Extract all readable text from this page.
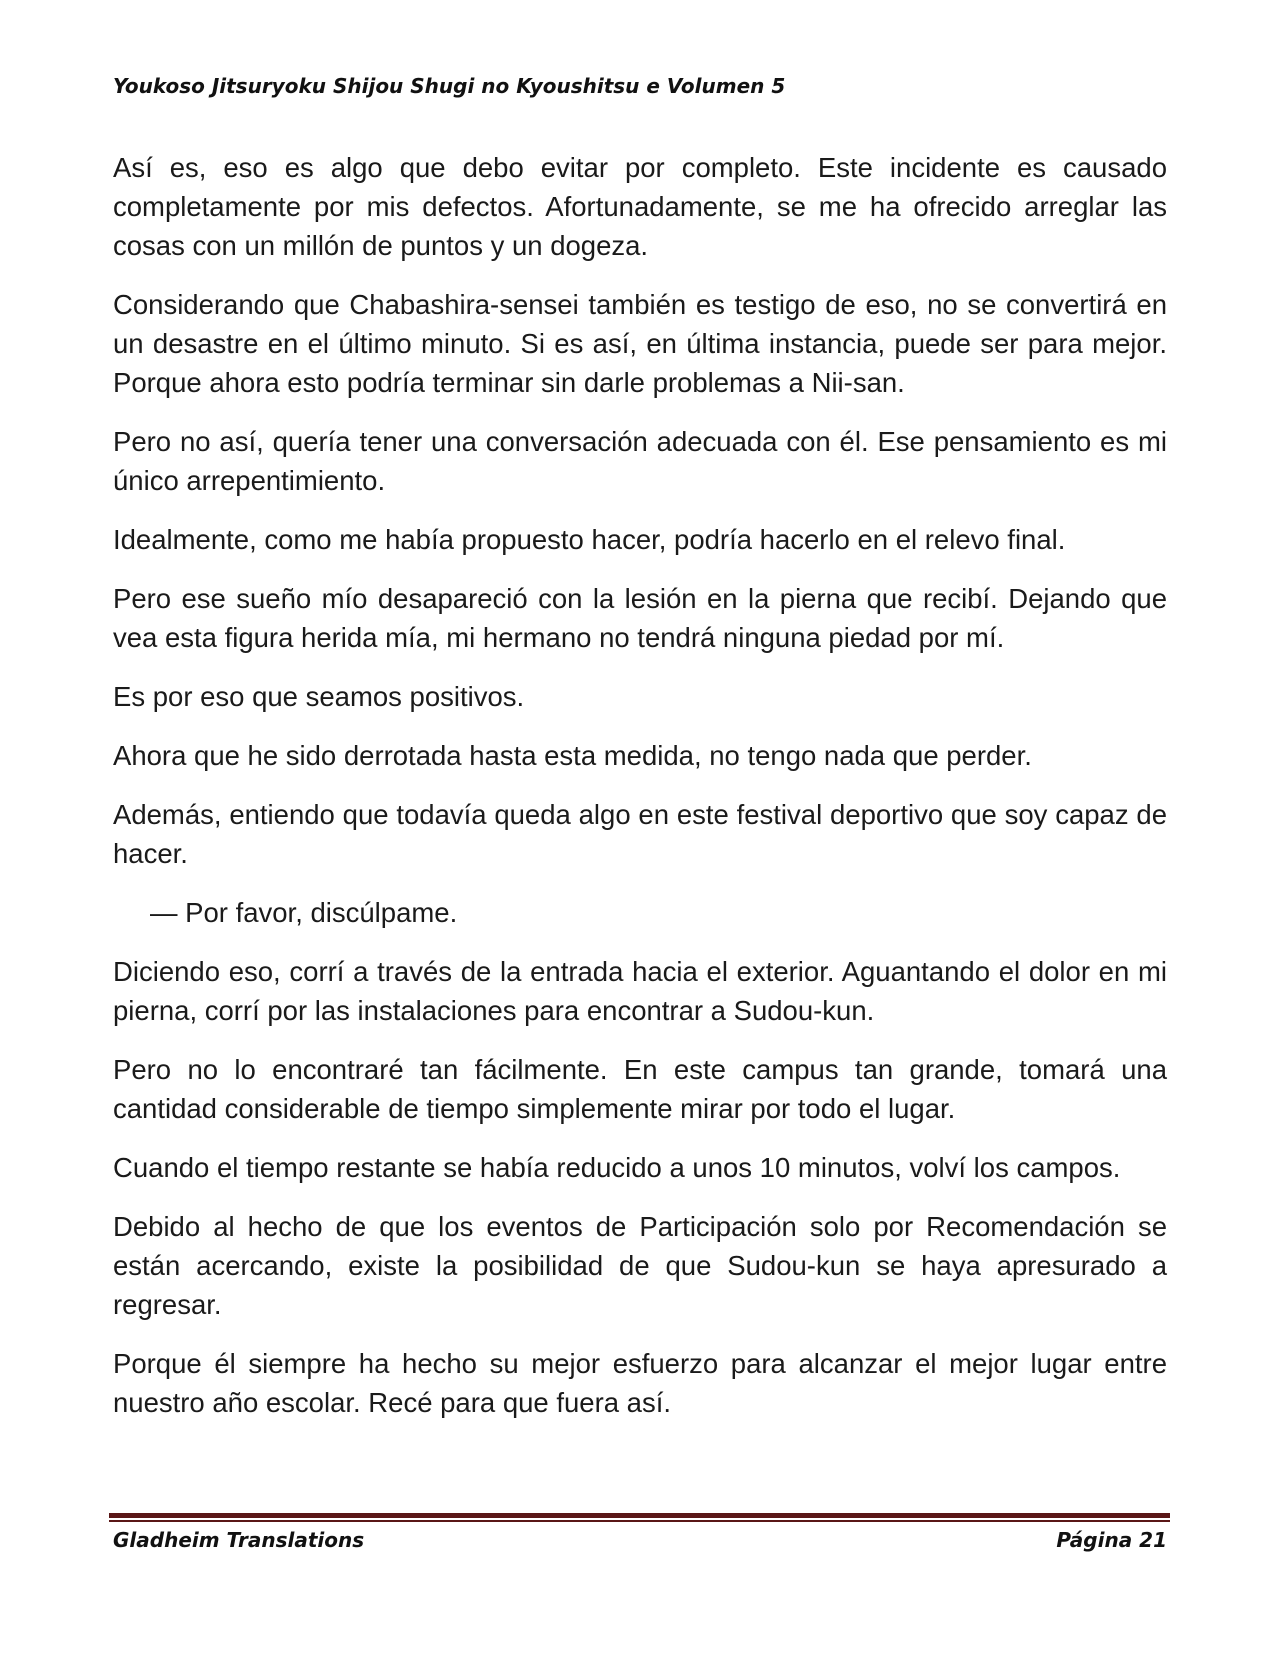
Youkoso Jitsuryoku Shijou Shugi no Kyoushitsu e Volumen 5

Así es, eso es algo que debo evitar por completo. Este incidente es causado completamente por mis defectos. Afortunadamente, se me ha ofrecido arreglar las cosas con un millón de puntos y un dogeza.

Considerando que Chabashira-sensei también es testigo de eso, no se convertirá en un desastre en el último minuto. Si es así, en última instancia, puede ser para mejor. Porque ahora esto podría terminar sin darle problemas a Nii-san.

Pero no así, quería tener una conversación adecuada con él. Ese pensamiento es mi único arrepentimiento.

Idealmente, como me había propuesto hacer, podría hacerlo en el relevo final.

Pero ese sueño mío desapareció con la lesión en la pierna que recibí. Dejando que vea esta figura herida mía, mi hermano no tendrá ninguna piedad por mí.

Es por eso que seamos positivos.

Ahora que he sido derrotada hasta esta medida, no tengo nada que perder.

Además, entiendo que todavía queda algo en este festival deportivo que soy capaz de hacer.

— Por favor, discúlpame.

Diciendo eso, corrí a través de la entrada hacia el exterior. Aguantando el dolor en mi pierna, corrí por las instalaciones para encontrar a Sudou-kun.

Pero no lo encontraré tan fácilmente. En este campus tan grande, tomará una cantidad considerable de tiempo simplemente mirar por todo el lugar.

Cuando el tiempo restante se había reducido a unos 10 minutos, volví los campos.

Debido al hecho de que los eventos de Participación solo por Recomendación se están acercando, existe la posibilidad de que Sudou-kun se haya apresurado a regresar.

Porque él siempre ha hecho su mejor esfuerzo para alcanzar el mejor lugar entre nuestro año escolar. Recé para que fuera así.

Gladheim Translations	Página 21
